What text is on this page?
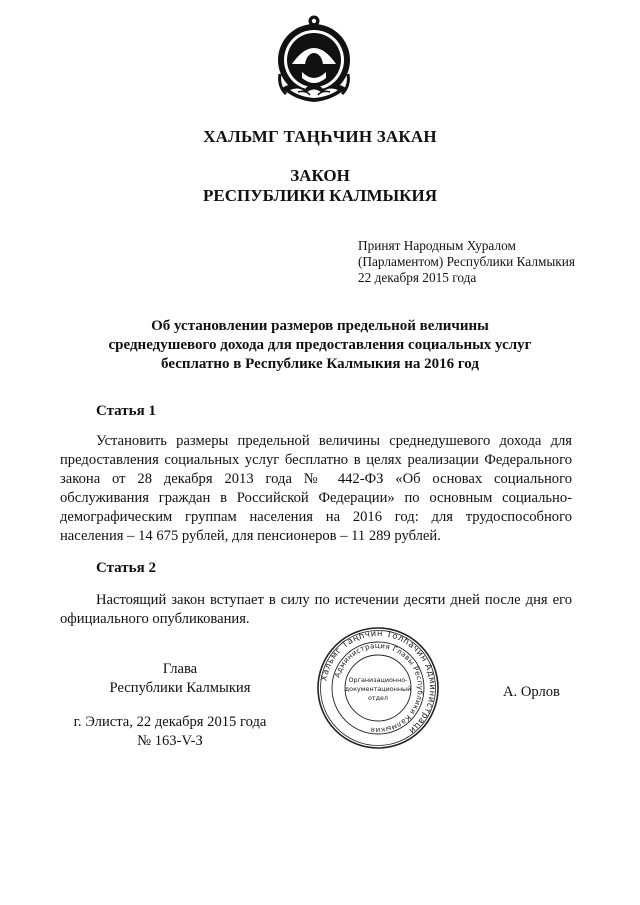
ХАЛЬМГ ТАҢҺЧИН ЗАКАН
ЗАКОН
РЕСПУБЛИКИ КАЛМЫКИЯ
Принят Народным Хуралом
(Парламентом) Республики Калмыкия
22 декабря 2015 года
Об установлении размеров предельной величины
среднедушевого дохода для предоставления социальных услуг
бесплатно в Республике Калмыкия на 2016 год
Статья 1
Установить размеры предельной величины среднедушевого дохода для предоставления социальных услуг бесплатно в целях реализации Федерального закона от 28 декабря 2013 года № 442-ФЗ «Об основах социального обслуживания граждан в Российской Федерации» по основным социально-демографическим группам населения на 2016 год: для трудоспособного населения – 14 675 рублей, для пенсионеров – 11 289 рублей.
Статья 2
Настоящий закон вступает в силу по истечении десяти дней после дня его официального опубликования.
Глава
Республики Калмыкия	А. Орлов
г. Элиста, 22 декабря 2015 года
№ 163-V-З
Хальмг Таңһчин Толһачин Администраци
Администрация Главы Республики Калмыкия
Организационно-
документационный
отдел
